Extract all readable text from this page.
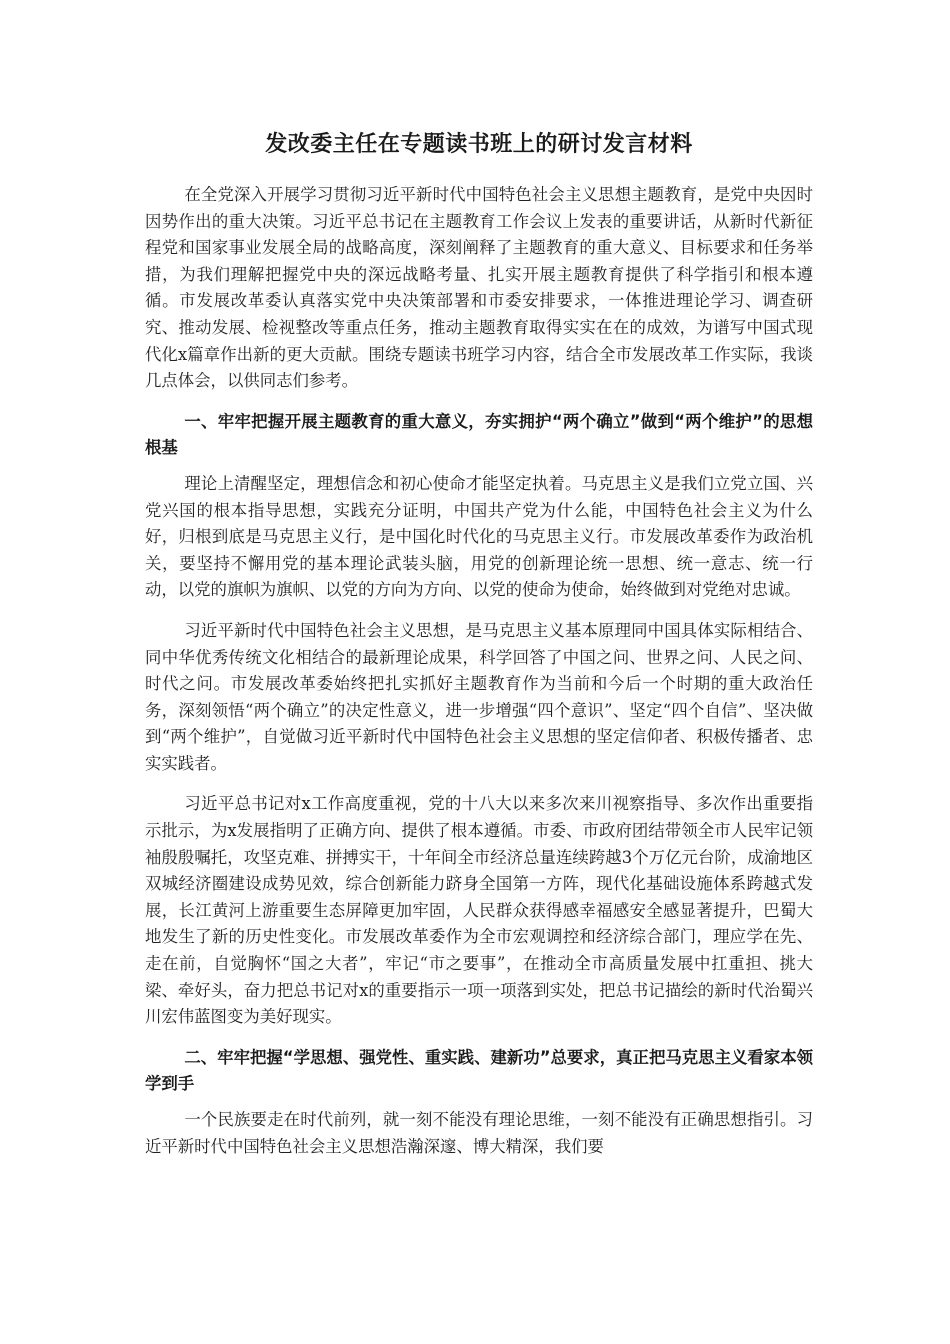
发改委主任在专题读书班上的研讨发言材料

在全党深入开展学习贯彻习近平新时代中国特色社会主义思想主题教育，是党中央因时因势作出的重大决策。习近平总书记在主题教育工作会议上发表的重要讲话，从新时代新征程党和国家事业发展全局的战略高度，深刻阐释了主题教育的重大意义、目标要求和任务举措，为我们理解把握党中央的深远战略考量、扎实开展主题教育提供了科学指引和根本遵循。市发展改革委认真落实党中央决策部署和市委安排要求，一体推进理论学习、调查研究、推动发展、检视整改等重点任务，推动主题教育取得实实在在的成效，为谱写中国式现代化x篇章作出新的更大贡献。围绕专题读书班学习内容，结合全市发展改革工作实际，我谈几点体会，以供同志们参考。

一、牢牢把握开展主题教育的重大意义，夯实拥护“两个确立”做到“两个维护”的思想根基

理论上清醒坚定，理想信念和初心使命才能坚定执着。马克思主义是我们立党立国、兴党兴国的根本指导思想，实践充分证明，中国共产党为什么能，中国特色社会主义为什么好，归根到底是马克思主义行，是中国化时代化的马克思主义行。市发展改革委作为政治机关，要坚持不懈用党的基本理论武装头脑，用党的创新理论统一思想、统一意志、统一行动，以党的旗帜为旗帜、以党的方向为方向、以党的使命为使命，始终做到对党绝对忠诚。

习近平新时代中国特色社会主义思想，是马克思主义基本原理同中国具体实际相结合、同中华优秀传统文化相结合的最新理论成果，科学回答了中国之问、世界之问、人民之问、时代之问。市发展改革委始终把扎实抓好主题教育作为当前和今后一个时期的重大政治任务，深刻领悟“两个确立”的决定性意义，进一步增强“四个意识”、坚定“四个自信”、坚决做到“两个维护”，自觉做习近平新时代中国特色社会主义思想的坚定信仰者、积极传播者、忠实实践者。

习近平总书记对x工作高度重视，党的十八大以来多次来川视察指导、多次作出重要指示批示，为x发展指明了正确方向、提供了根本遵循。市委、市政府团结带领全市人民牢记领袖殷殷嘱托，攻坚克难、拼搏实干，十年间全市经济总量连续跨越3个万亿元台阶，成渝地区双城经济圈建设成势见效，综合创新能力跻身全国第一方阵，现代化基础设施体系跨越式发展，长江黄河上游重要生态屏障更加牢固，人民群众获得感幸福感安全感显著提升，巴蜀大地发生了新的历史性变化。市发展改革委作为全市宏观调控和经济综合部门，理应学在先、走在前，自觉胸怀“国之大者”，牢记“市之要事”，在推动全市高质量发展中扛重担、挑大梁、牵好头，奋力把总书记对x的重要指示一项一项落到实处，把总书记描绘的新时代治蜀兴川宏伟蓝图变为美好现实。

二、牢牢把握“学思想、强党性、重实践、建新功”总要求，真正把马克思主义看家本领学到手

一个民族要走在时代前列，就一刻不能没有理论思维，一刻不能没有正确思想指引。习近平新时代中国特色社会主义思想浩瀚深邃、博大精深，我们要
